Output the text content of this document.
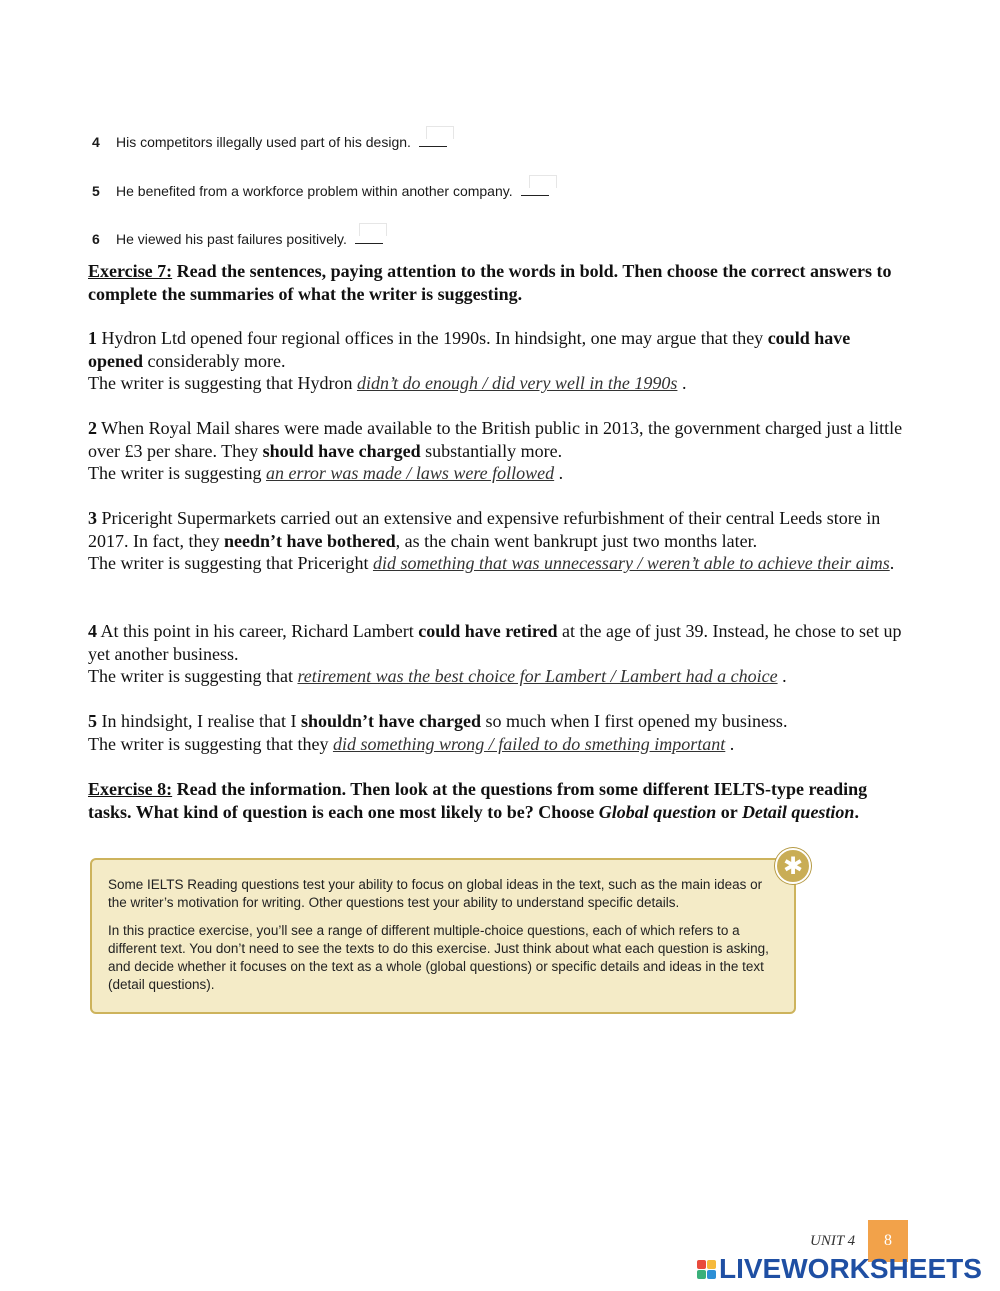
4 His competitors illegally used part of his design.
5 He benefited from a workforce problem within another company.
6 He viewed his past failures positively.
Exercise 7: Read the sentences, paying attention to the words in bold. Then choose the correct answers to complete the summaries of what the writer is suggesting.
1 Hydron Ltd opened four regional offices in the 1990s. In hindsight, one may argue that they could have opened considerably more.
The writer is suggesting that Hydron didn’t do enough / did very well in the 1990s .
2 When Royal Mail shares were made available to the British public in 2013, the government charged just a little over £3 per share. They should have charged substantially more.
The writer is suggesting an error was made / laws were followed .
3 Priceright Supermarkets carried out an extensive and expensive refurbishment of their central Leeds store in 2017. In fact, they needn’t have bothered, as the chain went bankrupt just two months later.
The writer is suggesting that Priceright did something that was unnecessary / weren’t able to achieve their aims.
4 At this point in his career, Richard Lambert could have retired at the age of just 39. Instead, he chose to set up yet another business.
The writer is suggesting that retirement was the best choice for Lambert / Lambert had a choice .
5 In hindsight, I realise that I shouldn’t have charged so much when I first opened my business.
The writer is suggesting that they did something wrong / failed to do smething important .
Exercise 8: Read the information. Then look at the questions from some different IELTS-type reading tasks. What kind of question is each one most likely to be? Choose Global question or Detail question.

Some IELTS Reading questions test your ability to focus on global ideas in the text, such as the main ideas or the writer’s motivation for writing. Other questions test your ability to understand specific details.

In this practice exercise, you’ll see a range of different multiple-choice questions, each of which refers to a different text. You don’t need to see the texts to do this exercise. Just think about what each question is asking, and decide whether it focuses on the text as a whole (global questions) or specific details and ideas in the text (detail questions).

✱
UNIT 4	8
LIVEWORKSHEETS
